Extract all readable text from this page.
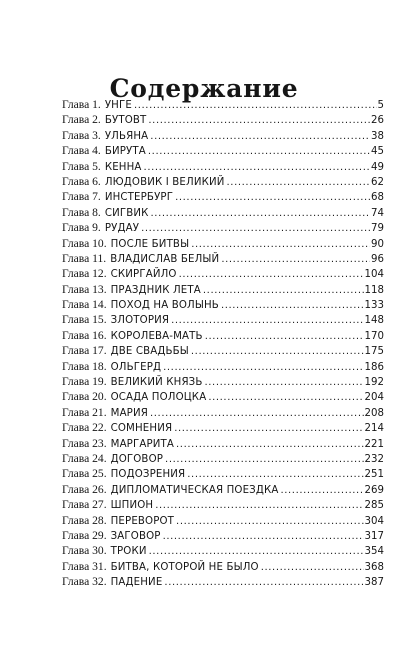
Содержание
Глава 1. УНГЕ .....	5
Глава 2. БУТОВТ .....	26
Глава 3. УЛЬЯНА .....	38
Глава 4. БИРУТА .....	45
Глава 5. КЕННА .....	49
Глава 6. ЛЮДОВИК I ВЕЛИКИЙ .....	62
Глава 7. ИНСТЕРБУРГ .....	68
Глава 8. СИГВИК .....	74
Глава 9. РУДАУ .....	79
Глава 10. ПОСЛЕ БИТВЫ .....	90
Глава 11. ВЛАДИСЛАВ БЕЛЫЙ .....	96
Глава 12. СКИРГАЙЛО .....	104
Глава 13. ПРАЗДНИК ЛЕТА .....	118
Глава 14. ПОХОД НА ВОЛЫНЬ .....	133
Глава 15. ЗЛОТОРИЯ .....	148
Глава 16. КОРОЛЕВА-МАТЬ .....	170
Глава 17. ДВЕ СВАДЬБЫ .....	175
Глава 18. ОЛЬГЕРД .....	186
Глава 19. ВЕЛИКИЙ КНЯЗЬ .....	192
Глава 20. ОСАДА ПОЛОЦКА .....	204
Глава 21. МАРИЯ .....	208
Глава 22. СОМНЕНИЯ .....	214
Глава 23. МАРГАРИТА .....	221
Глава 24. ДОГОВОР .....	232
Глава 25. ПОДОЗРЕНИЯ .....	251
Глава 26. ДИПЛОМАТИЧЕСКАЯ ПОЕЗДКА .....	269
Глава 27. ШПИОН .....	285
Глава 28. ПЕРЕВОРОТ .....	304
Глава 29. ЗАГОВОР .....	317
Глава 30. ТРОКИ .....	354
Глава 31. БИТВА, КОТОРОЙ НЕ БЫЛО .....	368
Глава 32. ПАДЕНИЕ .....	387
